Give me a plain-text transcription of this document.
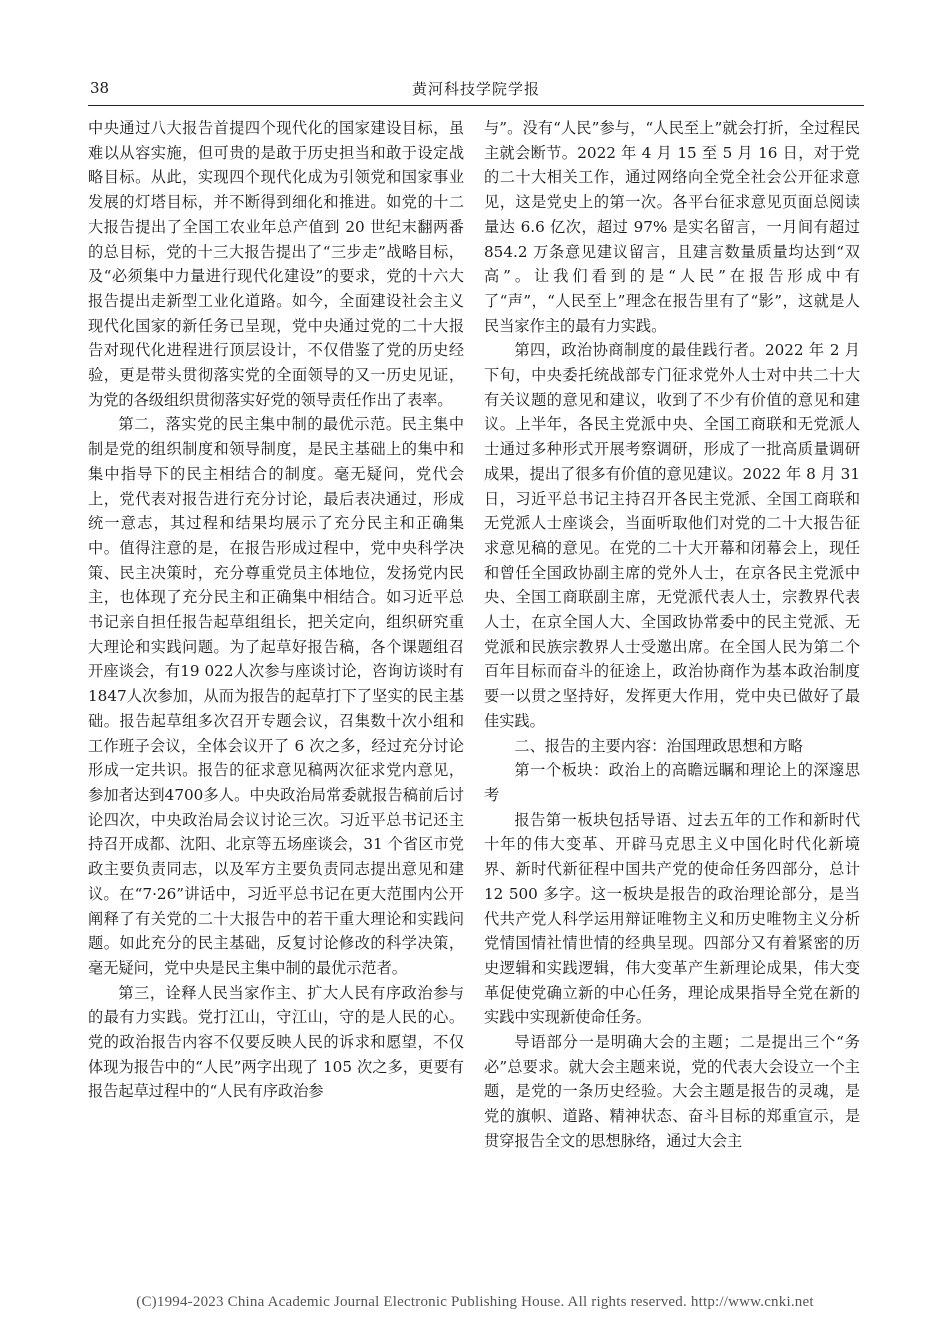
38	黄河科技学院学报

中央通过八大报告首提四个现代化的国家建设目标，虽难以从容实施，但可贵的是敢于历史担当和敢于设定战略目标。从此，实现四个现代化成为引领党和国家事业发展的灯塔目标，并不断得到细化和推进。如党的十二大报告提出了全国工农业年总产值到 20 世纪末翻两番的总目标，党的十三大报告提出了“三步走”战略目标，及“必须集中力量进行现代化建设”的要求，党的十六大报告提出走新型工业化道路。如今，全面建设社会主义现代化国家的新任务已呈现，党中央通过党的二十大报告对现代化进程进行顶层设计，不仅借鉴了党的历史经验，更是带头贯彻落实党的全面领导的又一历史见证，为党的各级组织贯彻落实好党的领导责任作出了表率。

第二，落实党的民主集中制的最优示范。民主集中制是党的组织制度和领导制度，是民主基础上的集中和集中指导下的民主相结合的制度。毫无疑问，党代会上，党代表对报告进行充分讨论，最后表决通过，形成统一意志，其过程和结果均展示了充分民主和正确集中。值得注意的是，在报告形成过程中，党中央科学决策、民主决策时，充分尊重党员主体地位，发扬党内民主，也体现了充分民主和正确集中相结合。如习近平总书记亲自担任报告起草组组长，把关定向，组织研究重大理论和实践问题。为了起草好报告稿，各个课题组召开座谈会，有19 022人次参与座谈讨论，咨询访谈时有1847人次参加，从而为报告的起草打下了坚实的民主基础。报告起草组多次召开专题会议，召集数十次小组和工作班子会议，全体会议开了 6 次之多，经过充分讨论形成一定共识。报告的征求意见稿两次征求党内意见，参加者达到4700多人。中央政治局常委就报告稿前后讨论四次，中央政治局会议讨论三次。习近平总书记还主持召开成都、沈阳、北京等五场座谈会，31 个省区市党政主要负责同志，以及军方主要负责同志提出意见和建议。在“7·26”讲话中，习近平总书记在更大范围内公开阐释了有关党的二十大报告中的若干重大理论和实践问题。如此充分的民主基础，反复讨论修改的科学决策，毫无疑问，党中央是民主集中制的最优示范者。

第三，诠释人民当家作主、扩大人民有序政治参与的最有力实践。党打江山，守江山，守的是人民的心。党的政治报告内容不仅要反映人民的诉求和愿望，不仅体现为报告中的“人民”两字出现了 105 次之多，更要有报告起草过程中的“人民有序政治参

与”。没有“人民”参与，“人民至上”就会打折，全过程民主就会断节。2022 年 4 月 15 至 5 月 16 日，对于党的二十大相关工作，通过网络向全党全社会公开征求意见，这是党史上的第一次。各平台征求意见页面总阅读量达 6.6 亿次，超过 97% 是实名留言，一月间有超过 854.2 万条意见建议留言，且建言数量质量均达到“双高”。让我们看到的是“人民”在报告形成中有了“声”，“人民至上”理念在报告里有了“影”，这就是人民当家作主的最有力实践。

第四，政治协商制度的最佳践行者。2022 年 2 月下旬，中央委托统战部专门征求党外人士对中共二十大有关议题的意见和建议，收到了不少有价值的意见和建议。上半年，各民主党派中央、全国工商联和无党派人士通过多种形式开展考察调研，形成了一批高质量调研成果，提出了很多有价值的意见建议。2022 年 8 月 31 日，习近平总书记主持召开各民主党派、全国工商联和无党派人士座谈会，当面听取他们对党的二十大报告征求意见稿的意见。在党的二十大开幕和闭幕会上，现任和曾任全国政协副主席的党外人士，在京各民主党派中央、全国工商联副主席，无党派代表人士，宗教界代表人士，在京全国人大、全国政协常委中的民主党派、无党派和民族宗教界人士受邀出席。在全国人民为第二个百年目标而奋斗的征途上，政治协商作为基本政治制度要一以贯之坚持好，发挥更大作用，党中央已做好了最佳实践。

二、报告的主要内容：治国理政思想和方略

第一个板块：政治上的高瞻远瞩和理论上的深邃思考

报告第一板块包括导语、过去五年的工作和新时代十年的伟大变革、开辟马克思主义中国化时代化新境界、新时代新征程中国共产党的使命任务四部分，总计 12 500 多字。这一板块是报告的政治理论部分，是当代共产党人科学运用辩证唯物主义和历史唯物主义分析党情国情社情世情的经典呈现。四部分又有着紧密的历史逻辑和实践逻辑，伟大变革产生新理论成果，伟大变革促使党确立新的中心任务，理论成果指导全党在新的实践中实现新使命任务。

导语部分一是明确大会的主题；二是提出三个“务必”总要求。就大会主题来说，党的代表大会设立一个主题，是党的一条历史经验。大会主题是报告的灵魂，是党的旗帜、道路、精神状态、奋斗目标的郑重宣示，是贯穿报告全文的思想脉络，通过大会主

(C)1994-2023 China Academic Journal Electronic Publishing House. All rights reserved. http://www.cnki.net
